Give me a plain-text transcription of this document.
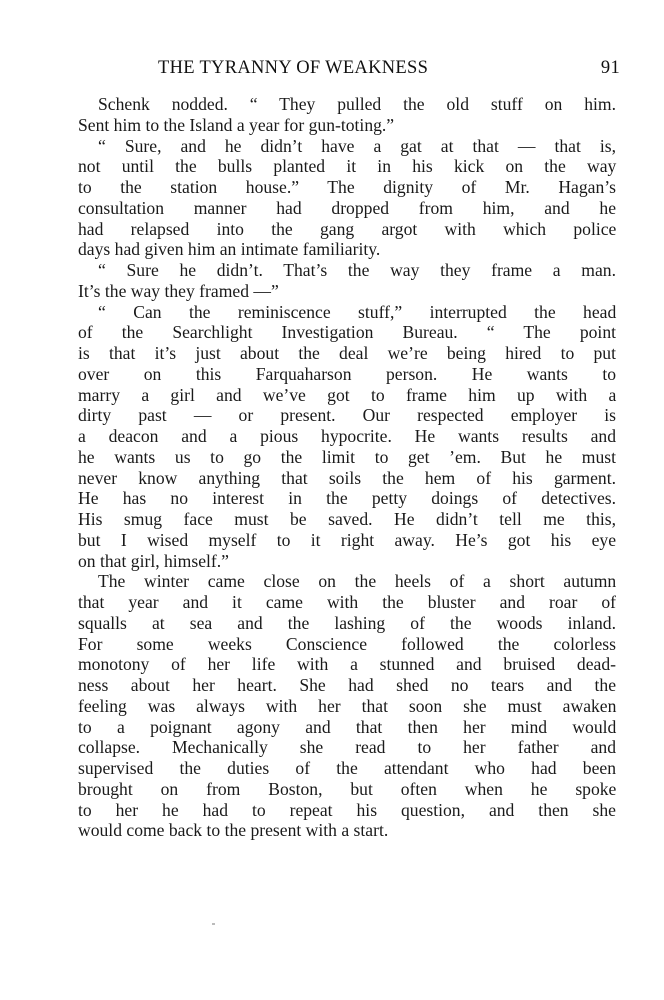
THE TYRANNY OF WEAKNESS	91
Schenk nodded. “ They pulled the old stuff on him.
Sent him to the Island a year for gun-toting.”
“ Sure, and he didn’t have a gat at that — that is,
not until the bulls planted it in his kick on the way
to the station house.” The dignity of Mr. Hagan’s
consultation manner had dropped from him, and he
had relapsed into the gang argot with which police
days had given him an intimate familiarity.
“ Sure he didn’t. That’s the way they frame a man.
It’s the way they framed —”
“ Can the reminiscence stuff,” interrupted the head
of the Searchlight Investigation Bureau. “ The point
is that it’s just about the deal we’re being hired to put
over on this Farquaharson person. He wants to
marry a girl and we’ve got to frame him up with a
dirty past — or present. Our respected employer is
a deacon and a pious hypocrite. He wants results and
he wants us to go the limit to get ’em. But he must
never know anything that soils the hem of his garment.
He has no interest in the petty doings of detectives.
His smug face must be saved. He didn’t tell me this,
but I wised myself to it right away. He’s got his eye
on that girl, himself.”
The winter came close on the heels of a short autumn
that year and it came with the bluster and roar of
squalls at sea and the lashing of the woods inland.
For some weeks Conscience followed the colorless
monotony of her life with a stunned and bruised dead-
ness about her heart. She had shed no tears and the
feeling was always with her that soon she must awaken
to a poignant agony and that then her mind would
collapse. Mechanically she read to her father and
supervised the duties of the attendant who had been
brought on from Boston, but often when he spoke
to her he had to repeat his question, and then she
would come back to the present with a start.
